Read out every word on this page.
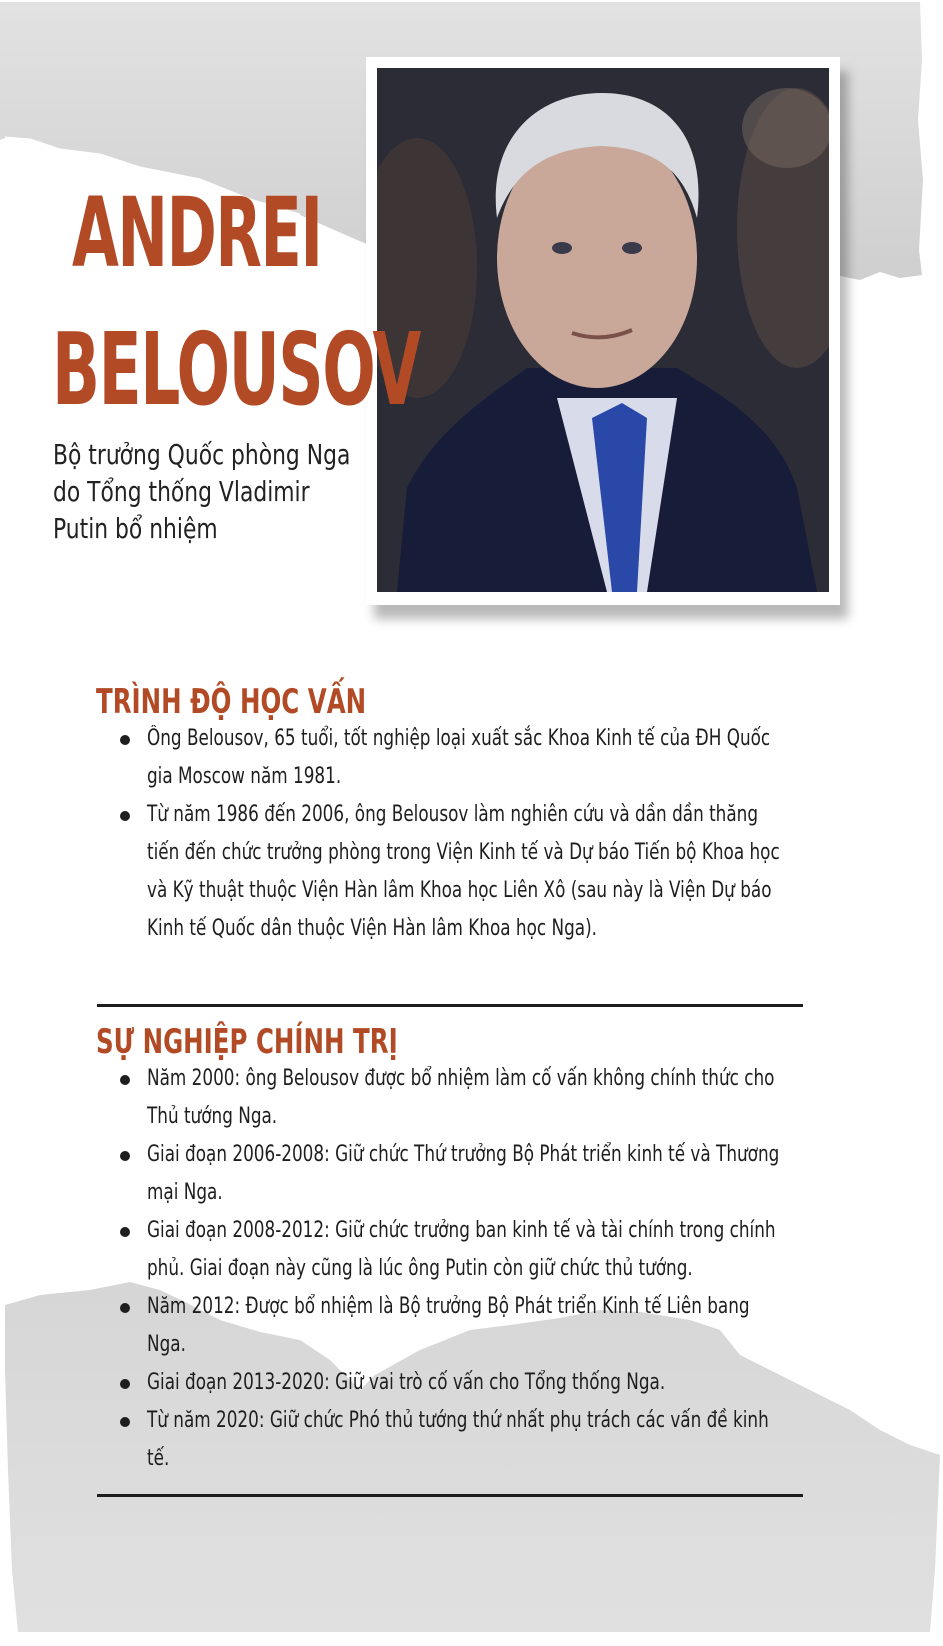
ANDREI
BELOUSOV
Bộ trưởng Quốc phòng Nga
do Tổng thống Vladimir
Putin bổ nhiệm
TRÌNH ĐỘ HỌC VẤN
Ông Belousov, 65 tuổi, tốt nghiệp loại xuất sắc Khoa Kinh tế của ĐH Quốc
gia Moscow năm 1981.
Từ năm 1986 đến 2006, ông Belousov làm nghiên cứu và dần dần thăng
tiến đến chức trưởng phòng trong Viện Kinh tế và Dự báo Tiến bộ Khoa học
và Kỹ thuật thuộc Viện Hàn lâm Khoa học Liên Xô (sau này là Viện Dự báo
Kinh tế Quốc dân thuộc Viện Hàn lâm Khoa học Nga).
SỰ NGHIỆP CHÍNH TRỊ
Năm 2000: ông Belousov được bổ nhiệm làm cố vấn không chính thức cho
Thủ tướng Nga.
Giai đoạn 2006-2008: Giữ chức Thứ trưởng Bộ Phát triển kinh tế và Thương
mại Nga.
Giai đoạn 2008-2012: Giữ chức trưởng ban kinh tế và tài chính trong chính
phủ. Giai đoạn này cũng là lúc ông Putin còn giữ chức thủ tướng.
Năm 2012: Được bổ nhiệm là Bộ trưởng Bộ Phát triển Kinh tế Liên bang
Nga.
Giai đoạn 2013-2020: Giữ vai trò cố vấn cho Tổng thống Nga.
Từ năm 2020: Giữ chức Phó thủ tướng thứ nhất phụ trách các vấn đề kinh
tế.
